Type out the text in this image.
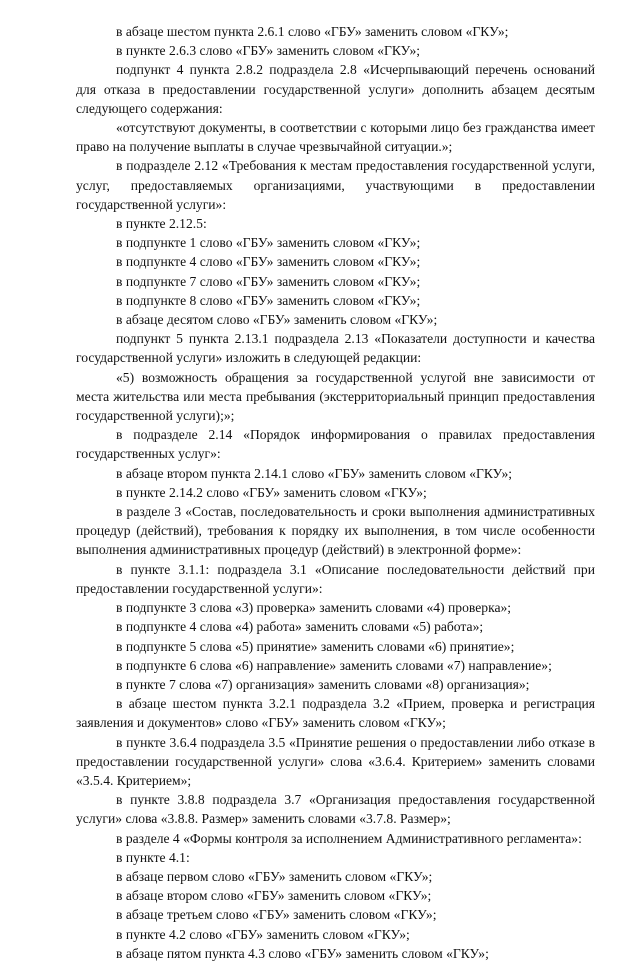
в абзаце шестом пункта 2.6.1 слово «ГБУ» заменить словом «ГКУ»;

в пункте 2.6.3 слово «ГБУ» заменить словом «ГКУ»;

подпункт 4 пункта 2.8.2 подраздела 2.8 «Исчерпывающий перечень оснований для отказа в предоставлении государственной услуги» дополнить абзацем десятым следующего содержания:

«отсутствуют документы, в соответствии с которыми лицо без гражданства имеет право на получение выплаты в случае чрезвычайной ситуации.»;

в подразделе 2.12 «Требования к местам предоставления государственной услуги, услуг, предоставляемых организациями, участвующими в предоставлении государственной услуги»:

в пункте 2.12.5:

в подпункте 1 слово «ГБУ» заменить словом «ГКУ»;

в подпункте 4 слово «ГБУ» заменить словом «ГКУ»;

в подпункте 7 слово «ГБУ» заменить словом «ГКУ»;

в подпункте 8 слово «ГБУ» заменить словом «ГКУ»;

в абзаце десятом слово «ГБУ» заменить словом «ГКУ»;

подпункт 5 пункта 2.13.1 подраздела 2.13 «Показатели доступности и качества государственной услуги» изложить в следующей редакции:

«5) возможность обращения за государственной услугой вне зависимости от места жительства или места пребывания (экстерриториальный принцип предоставления государственной услуги);»;

в подразделе 2.14 «Порядок информирования о правилах предоставления государственных услуг»:

в абзаце втором пункта 2.14.1 слово «ГБУ» заменить словом «ГКУ»;

в пункте 2.14.2 слово «ГБУ» заменить словом «ГКУ»;

в разделе 3 «Состав, последовательность и сроки выполнения административных процедур (действий), требования к порядку их выполнения, в том числе особенности выполнения административных процедур (действий) в электронной форме»:

в пункте 3.1.1: подраздела 3.1 «Описание последовательности действий при предоставлении государственной услуги»:

в подпункте 3 слова «3) проверка» заменить словами «4) проверка»;

в подпункте 4 слова «4) работа» заменить словами «5) работа»;

в подпункте 5 слова «5) принятие» заменить словами «6) принятие»;

в подпункте 6 слова «6) направление» заменить словами «7) направление»;

в пункте 7 слова «7) организация» заменить словами «8) организация»;

в абзаце шестом пункта 3.2.1 подраздела 3.2 «Прием, проверка и регистрация заявления и документов» слово «ГБУ» заменить словом «ГКУ»;

в пункте 3.6.4 подраздела 3.5 «Принятие решения о предоставлении либо отказе в предоставлении государственной услуги» слова «3.6.4. Критерием» заменить словами «3.5.4. Критерием»;

в пункте 3.8.8 подраздела 3.7 «Организация предоставления государственной услуги» слова «3.8.8. Размер» заменить словами «3.7.8. Размер»;

в разделе 4 «Формы контроля за исполнением Административного регламента»:

в пункте 4.1:

в абзаце первом слово «ГБУ» заменить словом «ГКУ»;

в абзаце втором слово «ГБУ» заменить словом «ГКУ»;

в абзаце третьем слово «ГБУ» заменить словом «ГКУ»;

в пункте 4.2 слово «ГБУ» заменить словом «ГКУ»;

в абзаце пятом пункта 4.3 слово «ГБУ» заменить словом «ГКУ»;
